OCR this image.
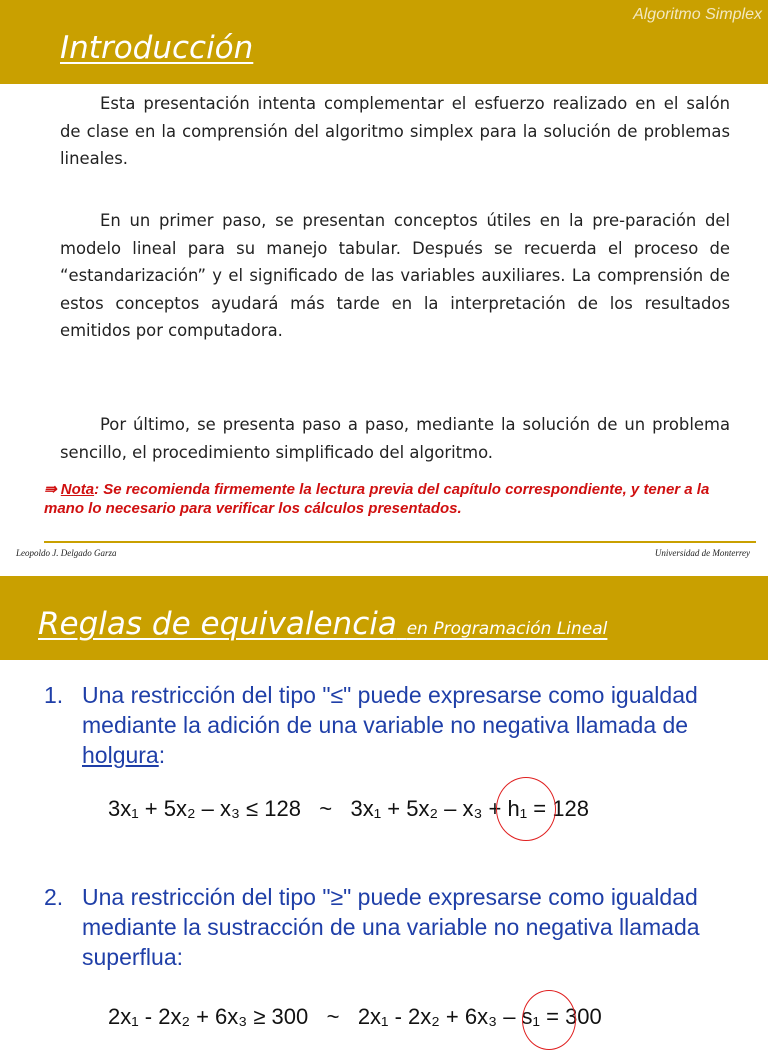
Algoritmo Simplex
Introducción

Esta presentación intenta complementar el esfuerzo realizado en el salón de clase en la comprensión del algoritmo simplex para la solución de problemas lineales.

En un primer paso, se presentan conceptos útiles en la pre-paración del modelo lineal para su manejo tabular. Después se recuerda el proceso de “estandarización” y el significado de las variables auxiliares. La comprensión de estos conceptos ayudará más tarde en la interpretación de los resultados emitidos por computadora.

Por último, se presenta paso a paso, mediante la solución de un problema sencillo, el procedimiento simplificado del algoritmo.

⇛ Nota: Se recomienda firmemente la lectura previa del capítulo correspondiente, y tener a la mano lo necesario para verificar los cálculos presentados.

Leopoldo J. Delgado Garza	Universidad de Monterrey
Reglas de equivalencia en Programación Lineal
1. Una restricción del tipo "≤" puede expresarse como igualdad mediante la adición de una variable no negativa llamada de holgura:
3x₁ + 5x₂ – x₃ ≤ 128 ~ 3x₁ + 5x₂ – x₃ + h₁ = 128
2. Una restricción del tipo "≥" puede expresarse como igualdad mediante la sustracción de una variable no negativa llamada superflua:
2x₁ - 2x₂ + 6x₃ ≥ 300 ~ 2x₁ - 2x₂ + 6x₃ – s₁ = 300
